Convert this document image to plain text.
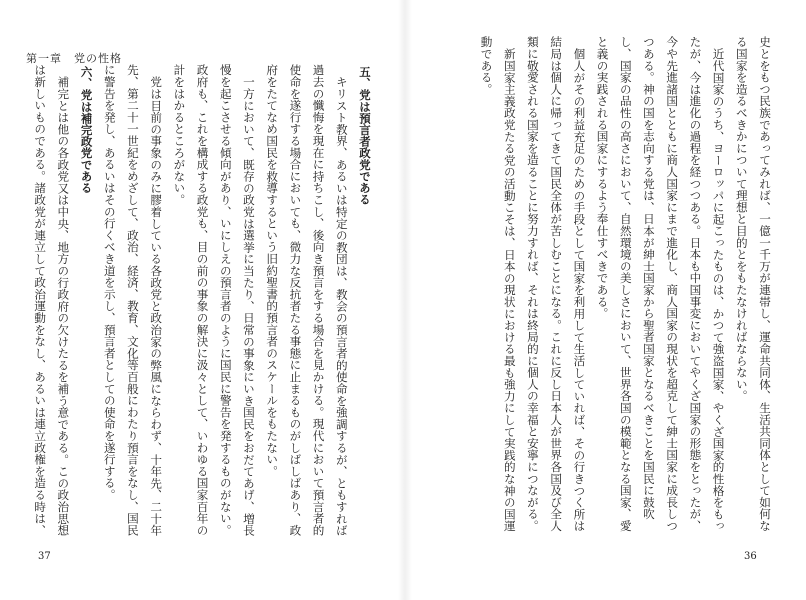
第一章　党の性格
五、党は預言者政党である

キリスト教界、あるいは特定の教団は、教会の預言者的使命を強調するが、ともすれば過去の懺悔を現在に持ちこし、後向き預言をする場合を見かける。現代において預言者的使命を遂行する場合においても、微力な反抗者たる事態に止まるものがしばしばあり、政府をたてなめ国民を救導するという旧約聖書的預言者のスケールをもたない。

一方において、既存の政党は選挙に当たり、日常の事象にいき国民をおだてあげ、増長慢を起こさせる傾向があり、いにしえの預言者のように国民に警告を発するものがない。政府も、これを構成する政党も、目の前の事象の解決に汲々として、いわゆる国家百年の計をはかるところがない。

党は目前の事象のみに膠着している各政党と政治家の弊風にならわず、十年先、二十年先、第二十一世紀をめざして、政治、経済、教育、文化等百般にわたり預言をなし、国民に警告を発し、あるいはその行くべき道を示し、預言者としての使命を遂行する。

六、党は補完政党である

補完とは他の各政党又は中央、地方の行政府の欠けたるを補う意である。この政治思想は新しいものである。諸政党が連立して政治運動をなし、あるいは連立政権を造る時は、

37

史とをもつ民族であってみれば、一億一千万が連帯し、運命共同体、生活共同体として如何なる国家を造るべきかについて理想と目的とをもたなければならない。

近代国家のうち、ヨーロッパに起こったものは、かつて強盗国家、やくざ国家的性格をもったが、今は進化の過程を経つつある。日本も中国事変においてやくざ国家の形態をとったが、今や先進諸国とともに商人国家にまで進化し、商人国家の現状を超克して紳士国家に成長しつつある。神の国を志向する党は、日本が紳士国家から聖者国家となるべきことを国民に鼓吹し、国家の品性の高さにおいて、自然環境の美しさにおいて、世界各国の模範となる国家、愛と義の実践される国家にするよう奉仕すべきである。

個人がその利益充足のための手段として国家を利用して生活していれば、その行きつく所は結局は個人に帰ってきて国民全体が苦しむことになる。これに反し日本人が世界各国及び全人類に敬愛される国家を造ることに努力すれば、それは終局的に個人の幸福と安寧につながる。

新国家主義政党たる党の活動こそは、日本の現状における最も強力にして実践的な神の国運動である。

36
